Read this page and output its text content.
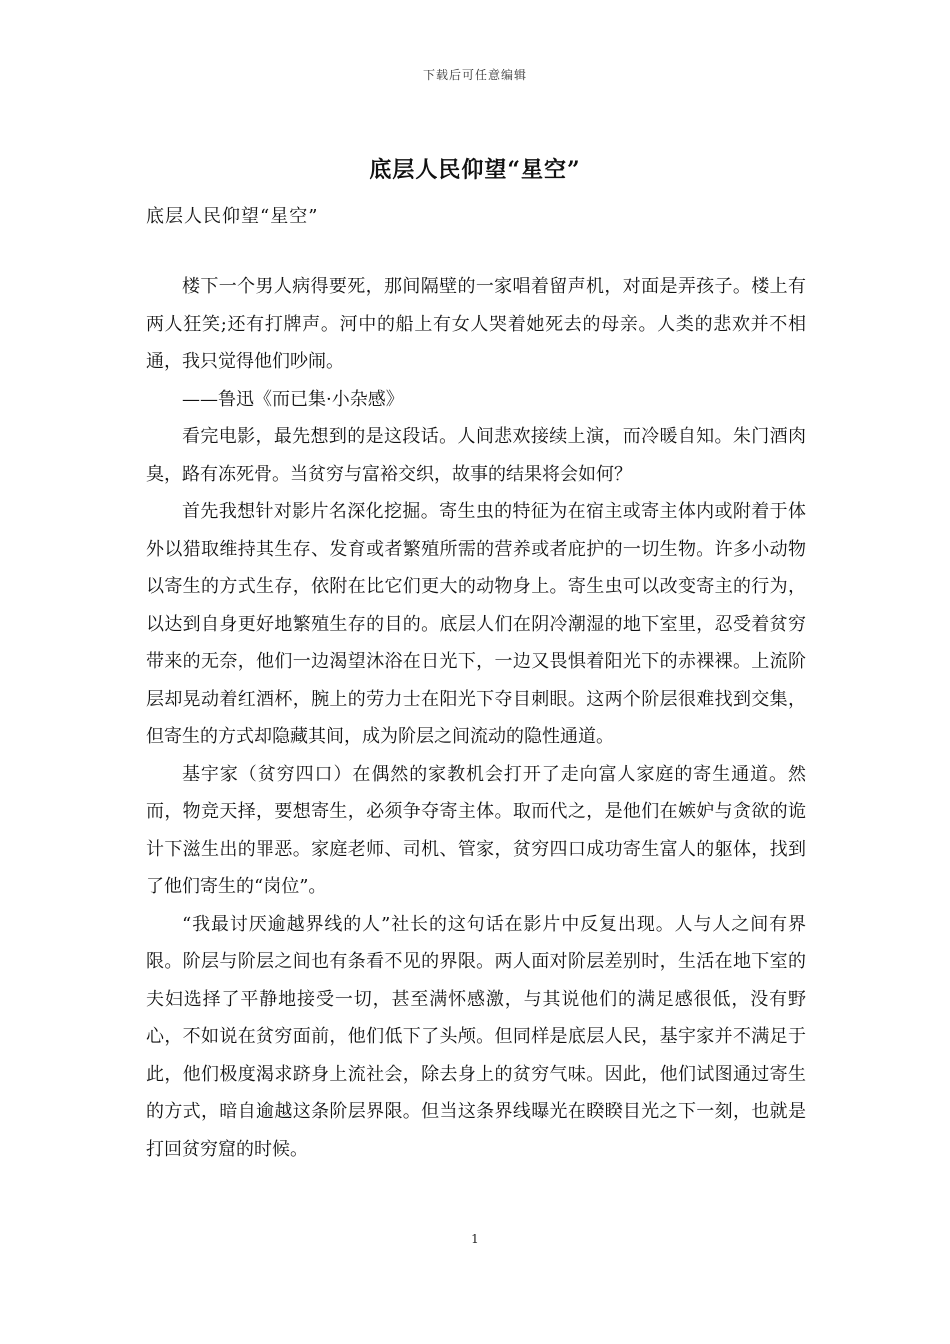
下载后可任意编辑
底层人民仰望“星空”
底层人民仰望“星空”

楼下一个男人病得要死，那间隔壁的一家唱着留声机，对面是弄孩子。楼上有两人狂笑;还有打牌声。河中的船上有女人哭着她死去的母亲。人类的悲欢并不相通，我只觉得他们吵闹。

——鲁迅《而已集·小杂感》

看完电影，最先想到的是这段话。人间悲欢接续上演，而冷暖自知。朱门酒肉臭，路有冻死骨。当贫穷与富裕交织，故事的结果将会如何？

首先我想针对影片名深化挖掘。寄生虫的特征为在宿主或寄主体内或附着于体外以猎取维持其生存、发育或者繁殖所需的营养或者庇护的一切生物。许多小动物以寄生的方式生存，依附在比它们更大的动物身上。寄生虫可以改变寄主的行为，以达到自身更好地繁殖生存的目的。底层人们在阴冷潮湿的地下室里，忍受着贫穷带来的无奈，他们一边渴望沐浴在日光下，一边又畏惧着阳光下的赤裸裸。上流阶层却晃动着红酒杯，腕上的劳力士在阳光下夺目刺眼。这两个阶层很难找到交集，但寄生的方式却隐藏其间，成为阶层之间流动的隐性通道。

基宇家（贫穷四口）在偶然的家教机会打开了走向富人家庭的寄生通道。然而，物竞天择，要想寄生，必须争夺寄主体。取而代之，是他们在嫉妒与贪欲的诡计下滋生出的罪恶。家庭老师、司机、管家，贫穷四口成功寄生富人的躯体，找到了他们寄生的“岗位”。

“我最讨厌逾越界线的人”社长的这句话在影片中反复出现。人与人之间有界限。阶层与阶层之间也有条看不见的界限。两人面对阶层差别时，生活在地下室的夫妇选择了平静地接受一切，甚至满怀感激，与其说他们的满足感很低，没有野心，不如说在贫穷面前，他们低下了头颅。但同样是底层人民，基宇家并不满足于此，他们极度渴求跻身上流社会，除去身上的贫穷气味。因此，他们试图通过寄生的方式，暗自逾越这条阶层界限。但当这条界线曝光在睽睽目光之下一刻，也就是打回贫穷窟的时候。

1
